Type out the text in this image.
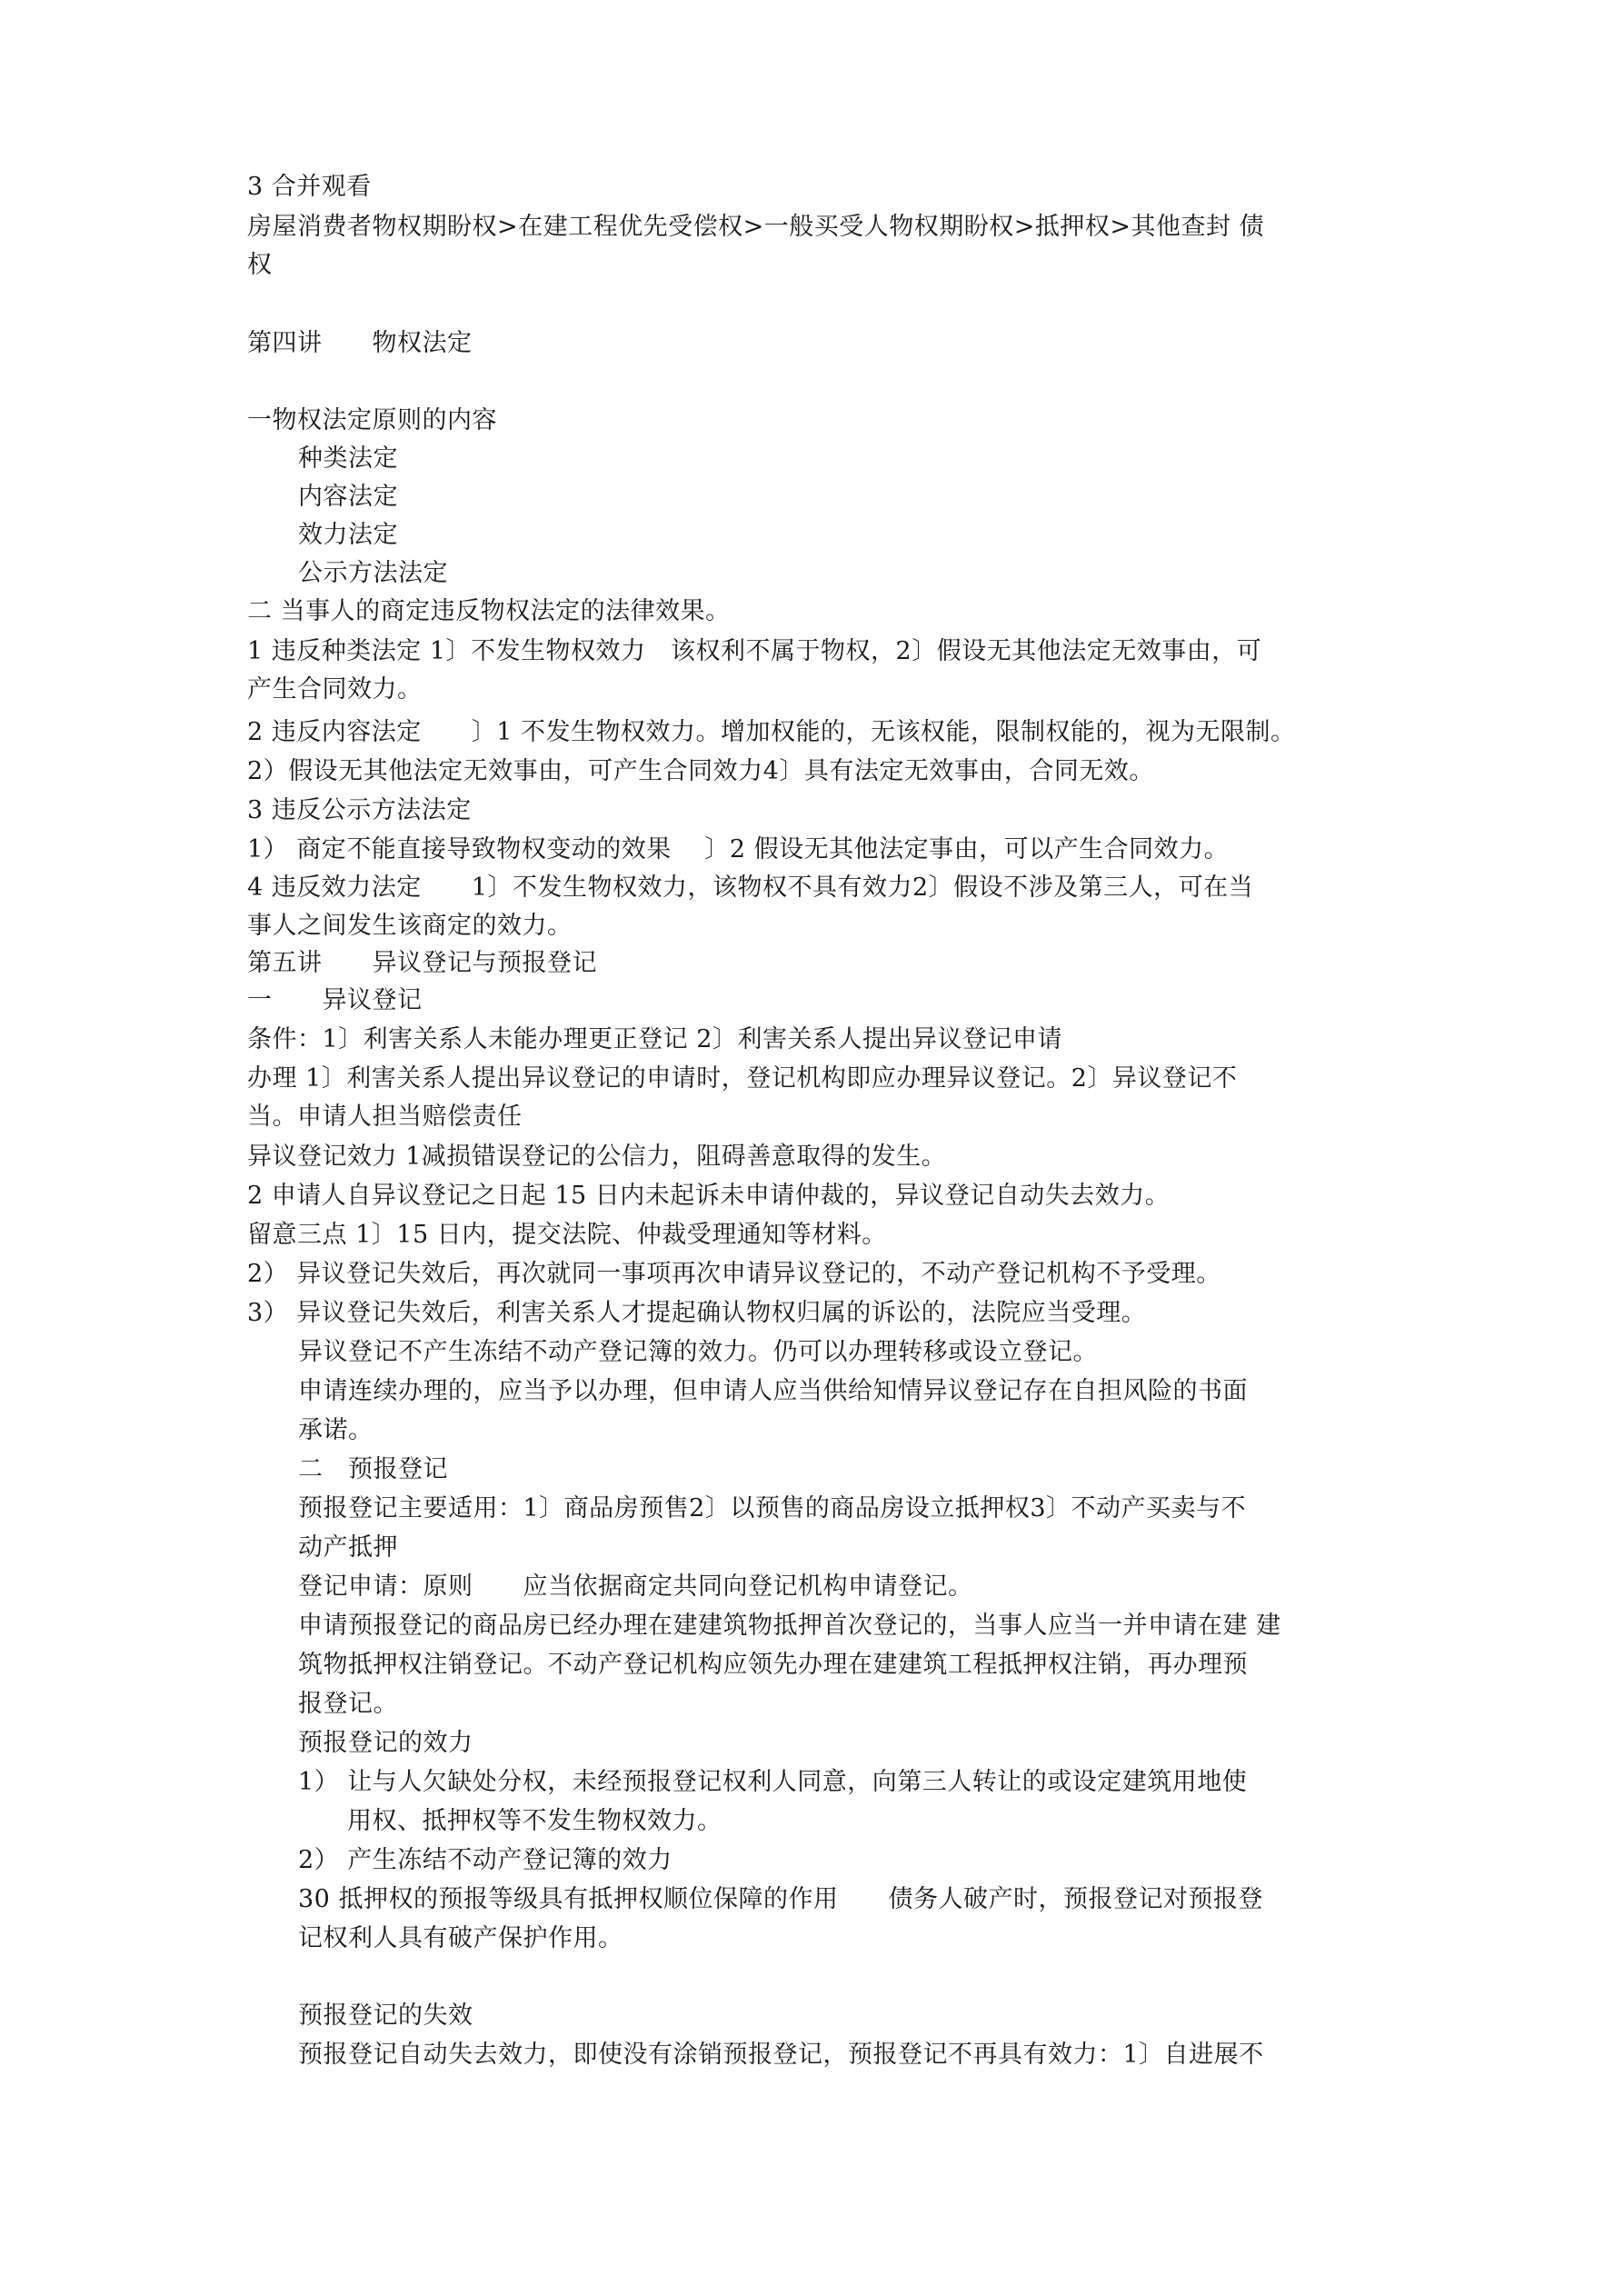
3 合并观看
房屋消费者物权期盼权>在建工程优先受偿权>一般买受人物权期盼权>抵押权>其他查封 债
权
第四讲　　物权法定
一物权法定原则的内容
种类法定
内容法定
效力法定
公示方法法定
二 当事人的商定违反物权法定的法律效果。
1 违反种类法定 1〕不发生物权效力　该权利不属于物权，2〕假设无其他法定无效事由，可
产生合同效力。
2 违反内容法定　　〕1 不发生物权效力。增加权能的，无该权能，限制权能的，视为无限制。
2）假设无其他法定无效事由，可产生合同效力4〕具有法定无效事由，合同无效。
3 违反公示方法法定
1） 商定不能直接导致物权变动的效果　 〕2 假设无其他法定事由，可以产生合同效力。
4 违反效力法定　　1〕不发生物权效力，该物权不具有效力2〕假设不涉及第三人，可在当
事人之间发生该商定的效力。
第五讲　　异议登记与预报登记
一　　异议登记
条件：1〕利害关系人未能办理更正登记 2〕利害关系人提出异议登记申请
办理 1〕利害关系人提出异议登记的申请时，登记机构即应办理异议登记。2〕异议登记不
当。申请人担当赔偿责任
异议登记效力 1减损错误登记的公信力，阻碍善意取得的发生。
2 申请人自异议登记之日起 15 日内未起诉未申请仲裁的，异议登记自动失去效力。
留意三点 1〕15 日内，提交法院、仲裁受理通知等材料。
2） 异议登记失效后，再次就同一事项再次申请异议登记的，不动产登记机构不予受理。
3） 异议登记失效后，利害关系人才提起确认物权归属的诉讼的，法院应当受理。
异议登记不产生冻结不动产登记簿的效力。仍可以办理转移或设立登记。
申请连续办理的，应当予以办理，但申请人应当供给知情异议登记存在自担风险的书面
承诺。
二　预报登记
预报登记主要适用：1〕商品房预售2〕以预售的商品房设立抵押权3〕不动产买卖与不
动产抵押
登记申请：原则　　应当依据商定共同向登记机构申请登记。
申请预报登记的商品房已经办理在建建筑物抵押首次登记的，当事人应当一并申请在建 建
筑物抵押权注销登记。不动产登记机构应领先办理在建建筑工程抵押权注销，再办理预
报登记。
预报登记的效力
1） 让与人欠缺处分权，未经预报登记权利人同意，向第三人转让的或设定建筑用地使
用权、抵押权等不发生物权效力。
2） 产生冻结不动产登记簿的效力
30 抵押权的预报等级具有抵押权顺位保障的作用　　债务人破产时，预报登记对预报登
记权利人具有破产保护作用。
预报登记的失效
预报登记自动失去效力，即使没有涂销预报登记，预报登记不再具有效力：1〕自进展不
